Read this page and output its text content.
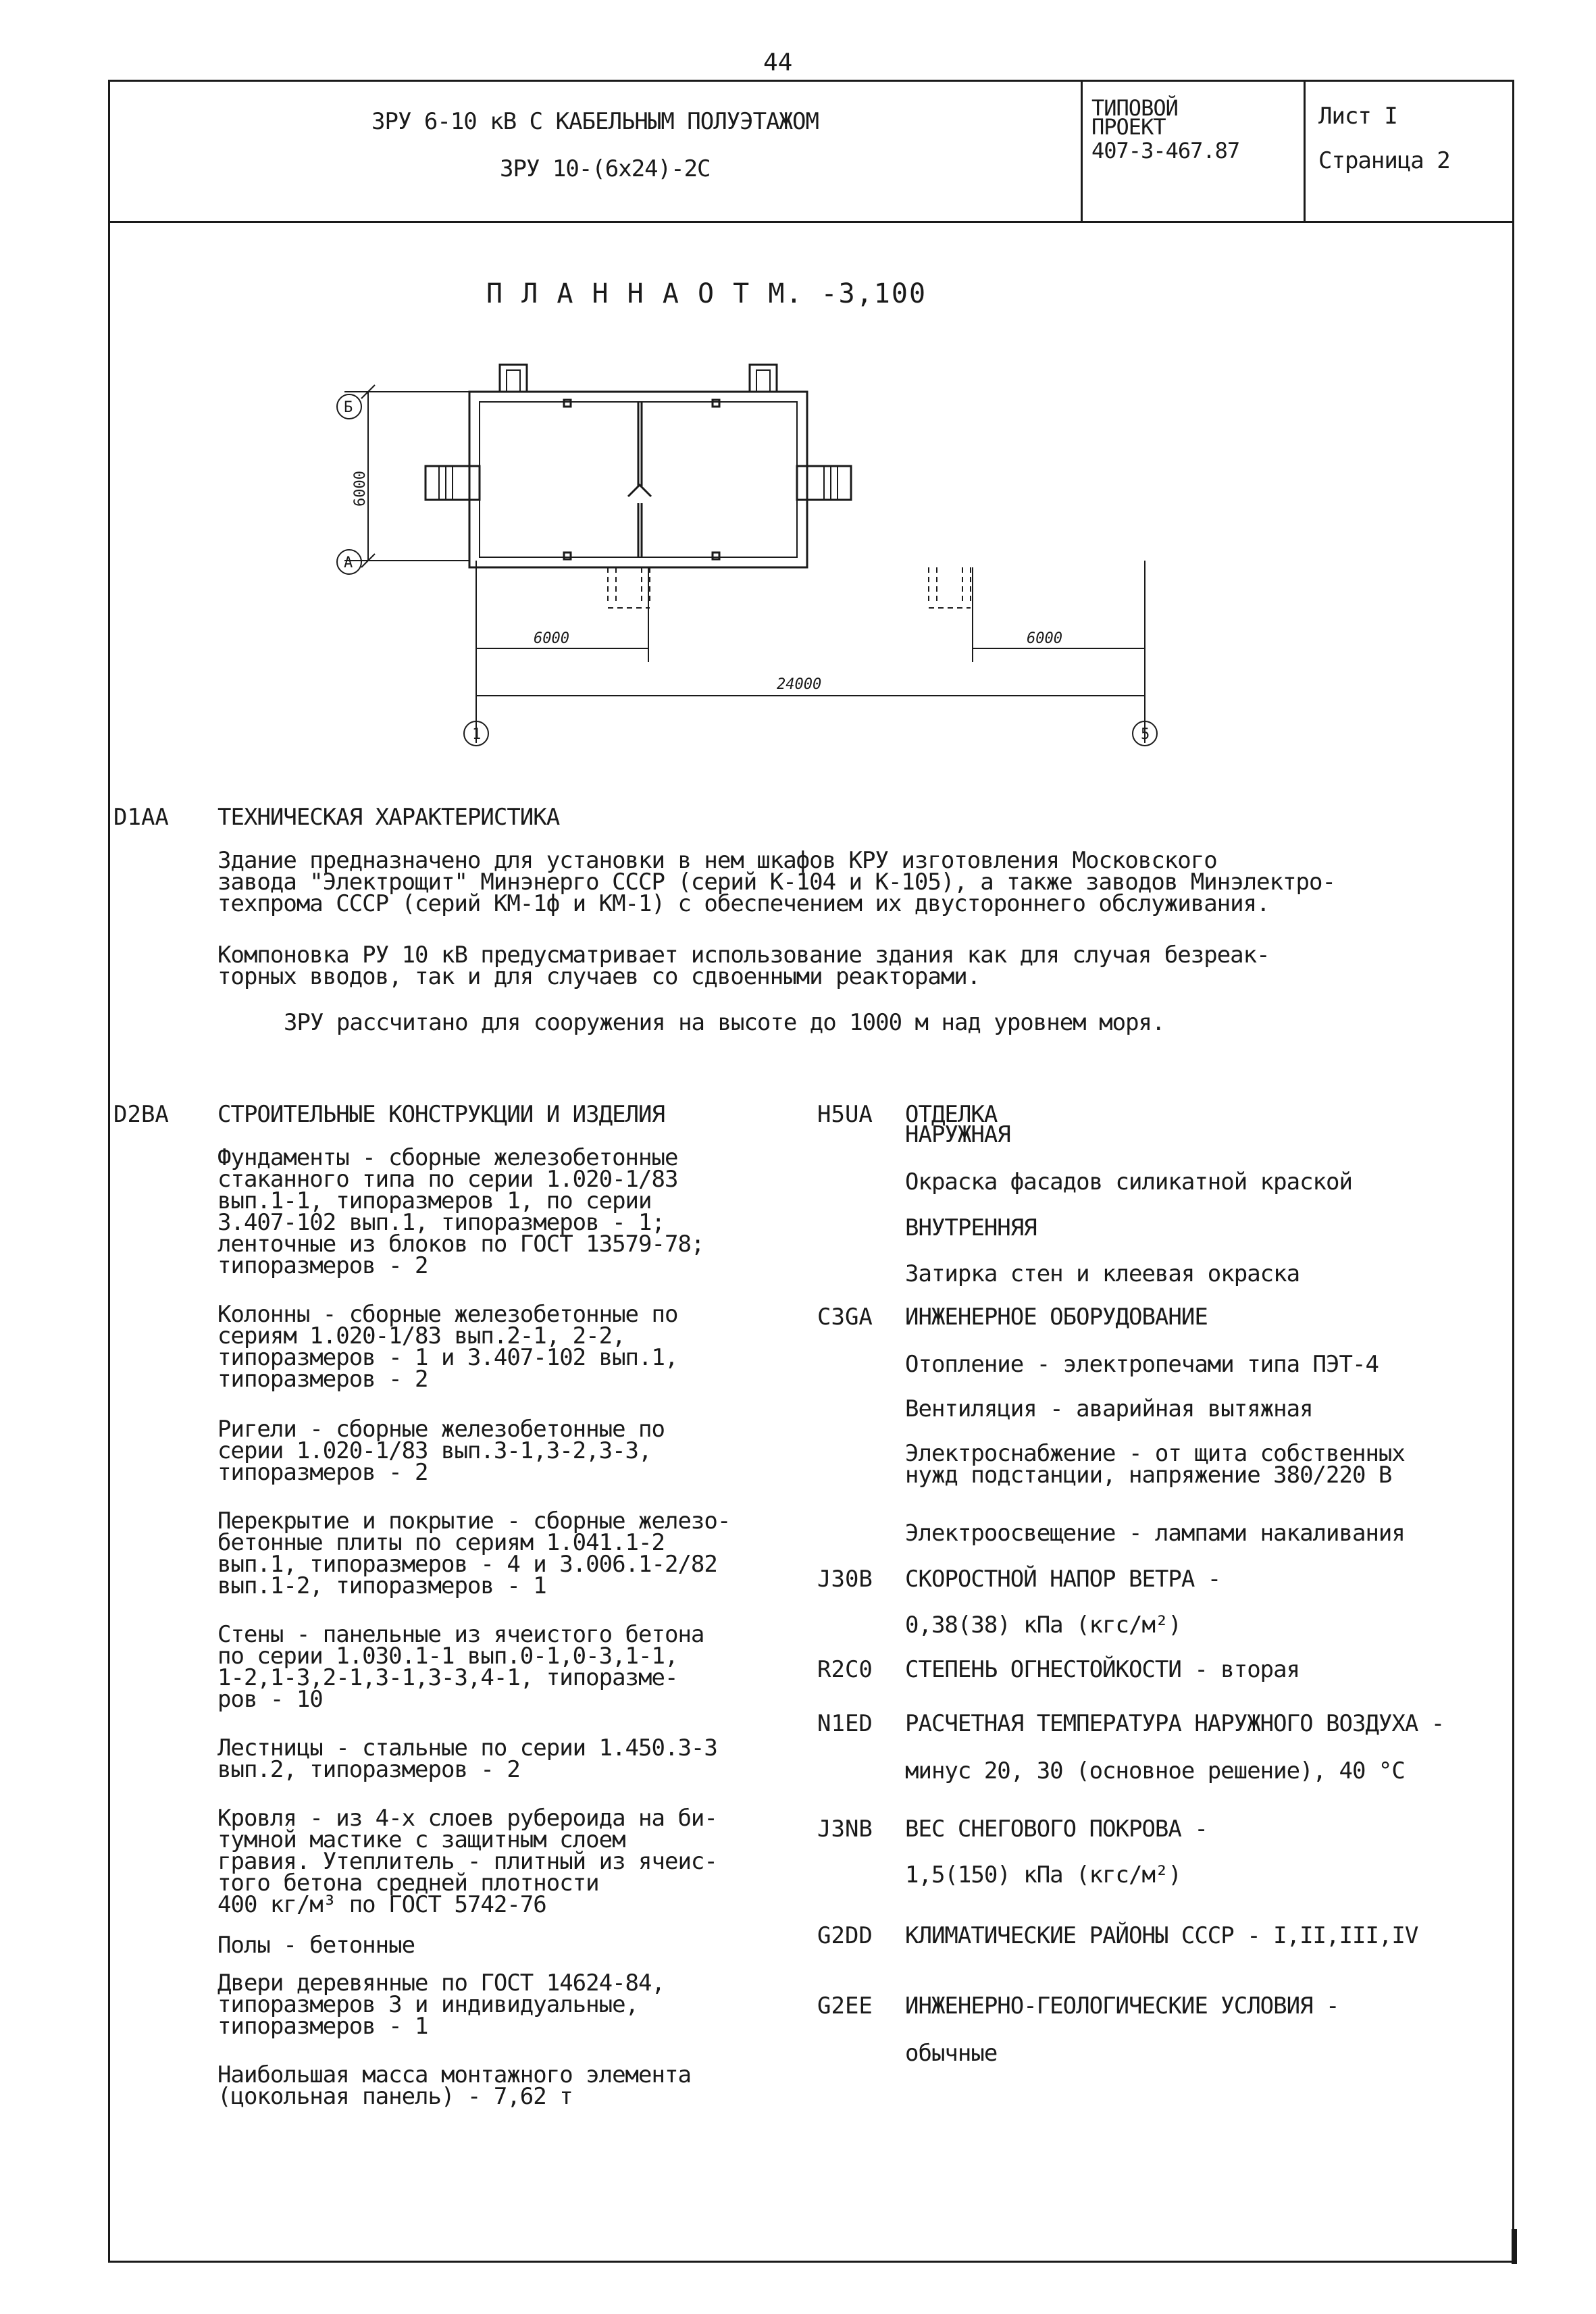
44
ЗРУ 6-10 кВ С КАБЕЛЬНЫМ ПОЛУЭТАЖОМ
ЗРУ 10-(6х24)-2С
ТИПОВОЙ
ПРОЕКТ
407-3-467.87
Лист I
Страница 2
П Л А Н Н А О Т М. -3,100
Б
А
1	5
6000
6000	6000
24000
D1AA ТЕХНИЧЕСКАЯ ХАРАКТЕРИСТИКА
Здание предназначено для установки в нем шкафов КРУ изготовления Московского
завода "Электрощит" Минэнерго СССР (серий К-104 и К-105), а также заводов Минэлектро-
техпрома СССР (серий КМ-1ф и КМ-1) с обеспечением их двустороннего обслуживания.
Компоновка РУ 10 кВ предусматривает использование здания как для случая безреак-
торных вводов, так и для случаев со сдвоенными реакторами.
ЗРУ рассчитано для сооружения на высоте до 1000 м над уровнем моря.
D2BA СТРОИТЕЛЬНЫЕ КОНСТРУКЦИИ И ИЗДЕЛИЯ
Фундаменты - сборные железобетонные
стаканного типа по серии 1.020-1/83
вып.1-1, типоразмеров 1, по серии
3.407-102 вып.1, типоразмеров - 1;
ленточные из блоков по ГОСТ 13579-78;
типоразмеров - 2
Колонны - сборные железобетонные по
сериям 1.020-1/83 вып.2-1, 2-2,
типоразмеров - 1 и 3.407-102 вып.1,
типоразмеров - 2
Ригели - сборные железобетонные по
серии 1.020-1/83 вып.3-1,3-2,3-3,
типоразмеров - 2
Перекрытие и покрытие - сборные железо-
бетонные плиты по сериям 1.041.1-2
вып.1, типоразмеров - 4 и 3.006.1-2/82
вып.1-2, типоразмеров - 1
Стены - панельные из ячеистого бетона
по серии 1.030.1-1 вып.0-1,0-3,1-1,
1-2,1-3,2-1,3-1,3-3,4-1, типоразме-
ров - 10
Лестницы - стальные по серии 1.450.3-3
вып.2, типоразмеров - 2
Кровля - из 4-х слоев рубероида на би-
тумной мастике с защитным слоем
гравия. Утеплитель - плитный из ячеис-
того бетона средней плотности
400 кг/м³ по ГОСТ 5742-76
Полы - бетонные
Двери деревянные по ГОСТ 14624-84,
типоразмеров 3 и индивидуальные,
типоразмеров - 1
Наибольшая масса монтажного элемента
(цокольная панель) - 7,62 т
Н5UA ОТДЕЛКА
НАРУЖНАЯ
Окраска фасадов силикатной краской
ВНУТРЕННЯЯ
Затирка стен и клеевая окраска
С3GA ИНЖЕНЕРНОЕ ОБОРУДОВАНИЕ
Отопление - электропечами типа ПЭТ-4
Вентиляция - аварийная вытяжная
Электроснабжение - от щита собственных
нужд подстанции, напряжение 380/220 В
Электроосвещение - лампами накаливания
J30B СКОРОСТНОЙ НАПОР ВЕТРА -
0,38(38) кПа (кгс/м²)
R2C0 СТЕПЕНЬ ОГНЕСТОЙКОСТИ - вторая
N1ED РАСЧЕТНАЯ ТЕМПЕРАТУРА НАРУЖНОГО ВОЗДУХА -
минус 20, 30 (основное решение), 40 °С
J3NB ВЕС СНЕГОВОГО ПОКРОВА -
1,5(150) кПа (кгс/м²)
G2DD КЛИМАТИЧЕСКИЕ РАЙОНЫ СССР - I,II,III,IV
G2EE ИНЖЕНЕРНО-ГЕОЛОГИЧЕСКИЕ УСЛОВИЯ -
обычные
